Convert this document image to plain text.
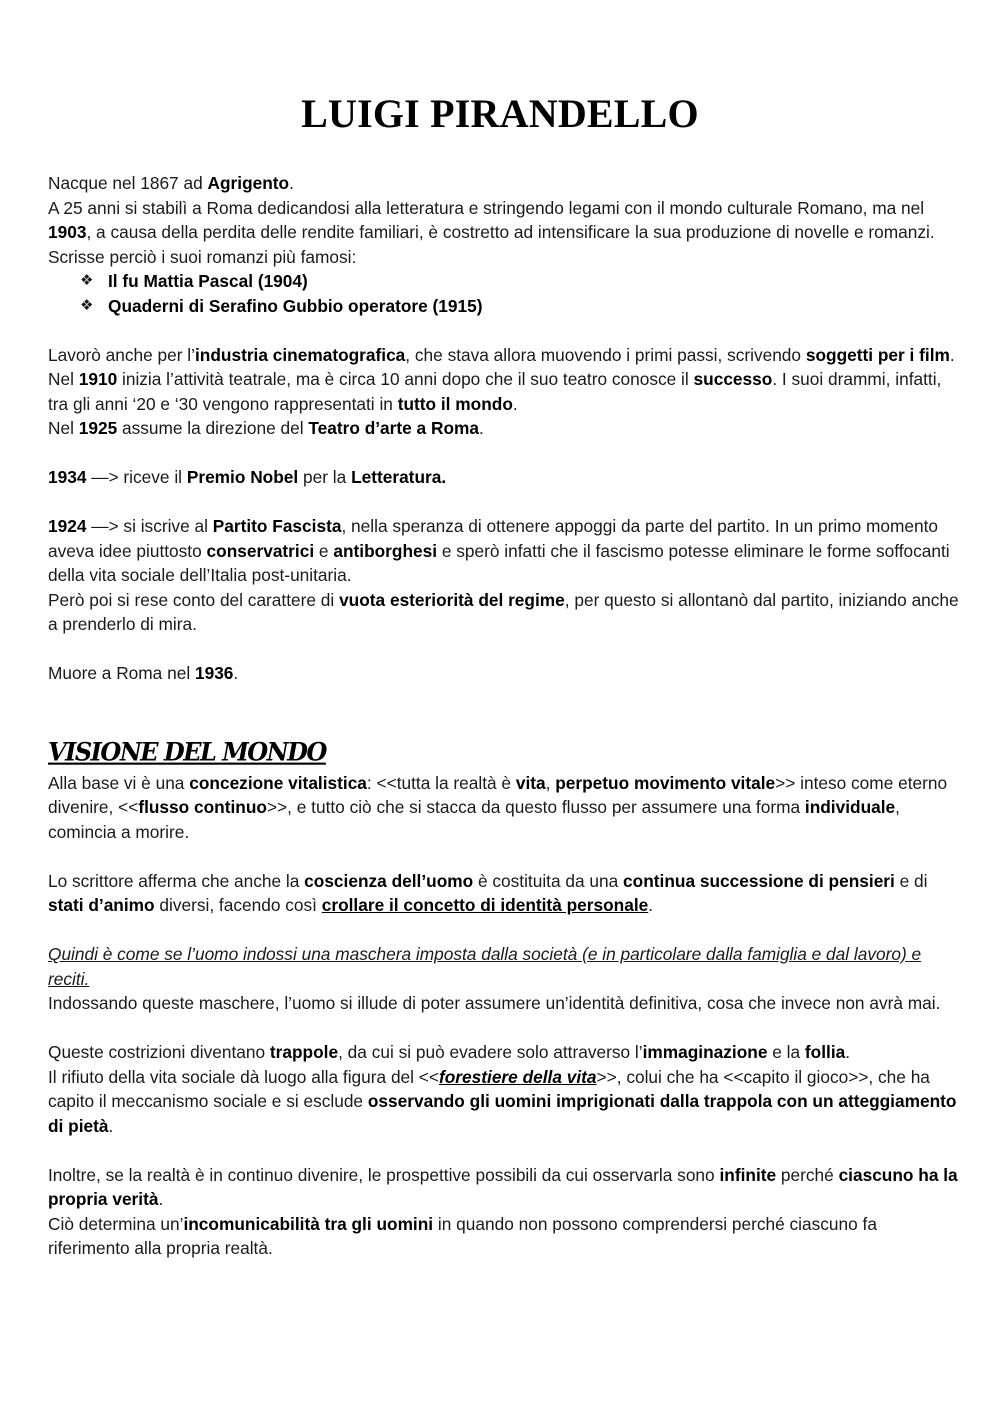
LUIGI PIRANDELLO

Nacque nel 1867 ad Agrigento.

A 25 anni si stabilì a Roma dedicandosi alla letteratura e stringendo legami con il mondo culturale Romano, ma nel 1903, a causa della perdita delle rendite familiari, è costretto ad intensificare la sua produzione di novelle e romanzi.

Scrisse perciò i suoi romanzi più famosi:

❖ Il fu Mattia Pascal (1904)
❖ Quaderni di Serafino Gubbio operatore (1915)

Lavorò anche per l’industria cinematografica, che stava allora muovendo i primi passi, scrivendo soggetti per i film.

Nel 1910 inizia l’attività teatrale, ma è circa 10 anni dopo che il suo teatro conosce il successo. I suoi drammi, infatti, tra gli anni ‘20 e ‘30 vengono rappresentati in tutto il mondo.

Nel 1925 assume la direzione del Teatro d’arte a Roma.

1934 —> riceve il Premio Nobel per la Letteratura.

1924 —> si iscrive al Partito Fascista, nella speranza di ottenere appoggi da parte del partito. In un primo momento aveva idee piuttosto conservatrici e antiborghesi e sperò infatti che il fascismo potesse eliminare le forme soffocanti della vita sociale dell’Italia post-unitaria.

Però poi si rese conto del carattere di vuota esteriorità del regime, per questo si allontanò dal partito, iniziando anche a prenderlo di mira.

Muore a Roma nel 1936.

VISIONE DEL MONDO

Alla base vi è una concezione vitalistica: <<tutta la realtà è vita, perpetuo movimento vitale>> inteso come eterno divenire, <<flusso continuo>>, e tutto ciò che si stacca da questo flusso per assumere una forma individuale, comincia a morire.

Lo scrittore afferma che anche la coscienza dell’uomo è costituita da una continua successione di pensieri e di stati d’animo diversi, facendo così crollare il concetto di identità personale.

Quindi è come se l’uomo indossi una maschera imposta dalla società (e in particolare dalla famiglia e dal lavoro) e reciti.

Indossando queste maschere, l’uomo si illude di poter assumere un’identità definitiva, cosa che invece non avrà mai.

Queste costrizioni diventano trappole, da cui si può evadere solo attraverso l’immaginazione e la follia.

Il rifiuto della vita sociale dà luogo alla figura del <<forestiere della vita>>, colui che ha <<capito il gioco>>, che ha capito il meccanismo sociale e si esclude osservando gli uomini imprigionati dalla trappola con un atteggiamento di pietà.

Inoltre, se la realtà è in continuo divenire, le prospettive possibili da cui osservarla sono infinite perché ciascuno ha la propria verità.

Ciò determina un’incomunicabilità tra gli uomini in quando non possono comprendersi perché ciascuno fa riferimento alla propria realtà.
